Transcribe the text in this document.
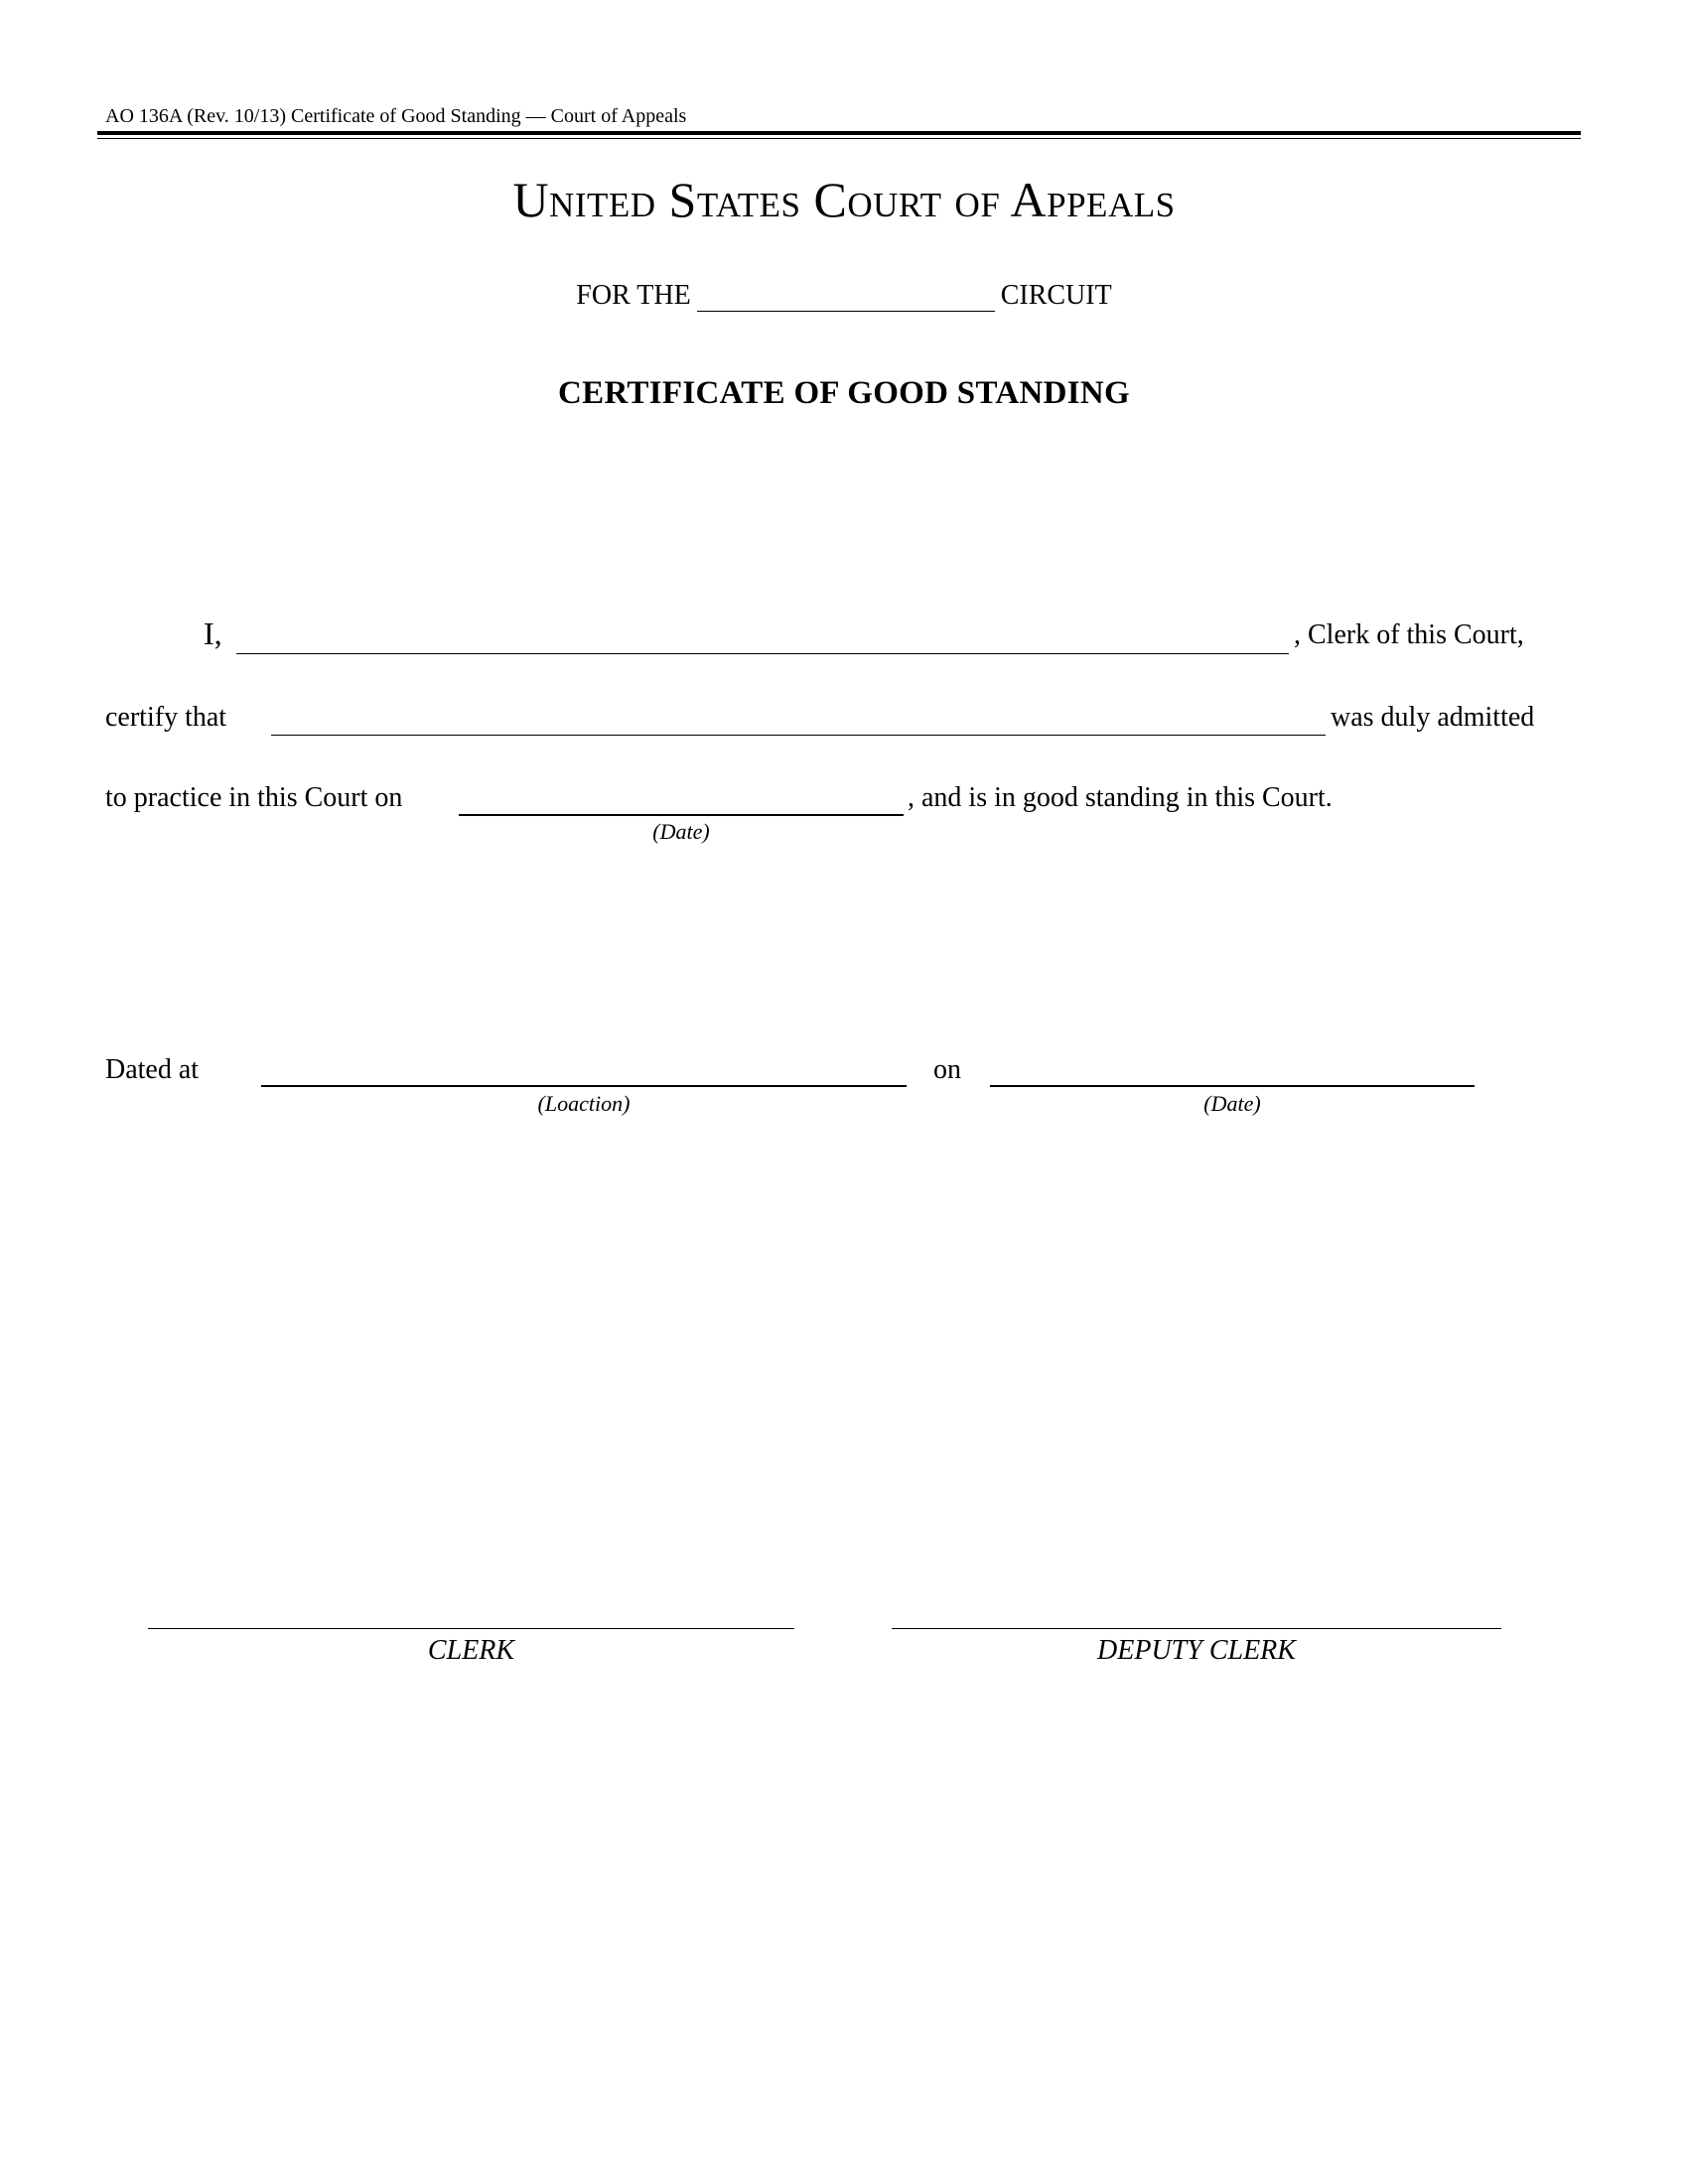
AO 136A (Rev. 10/13) Certificate of Good Standing — Court of Appeals
United States Court of Appeals
FOR THE	CIRCUIT
CERTIFICATE OF GOOD STANDING
I,	, Clerk of this Court,
certify that	was duly admitted
to practice in this Court on	, and is in good standing in this Court.
(Date)
Dated at
(Loaction)
on
(Date)
CLERK	DEPUTY CLERK
